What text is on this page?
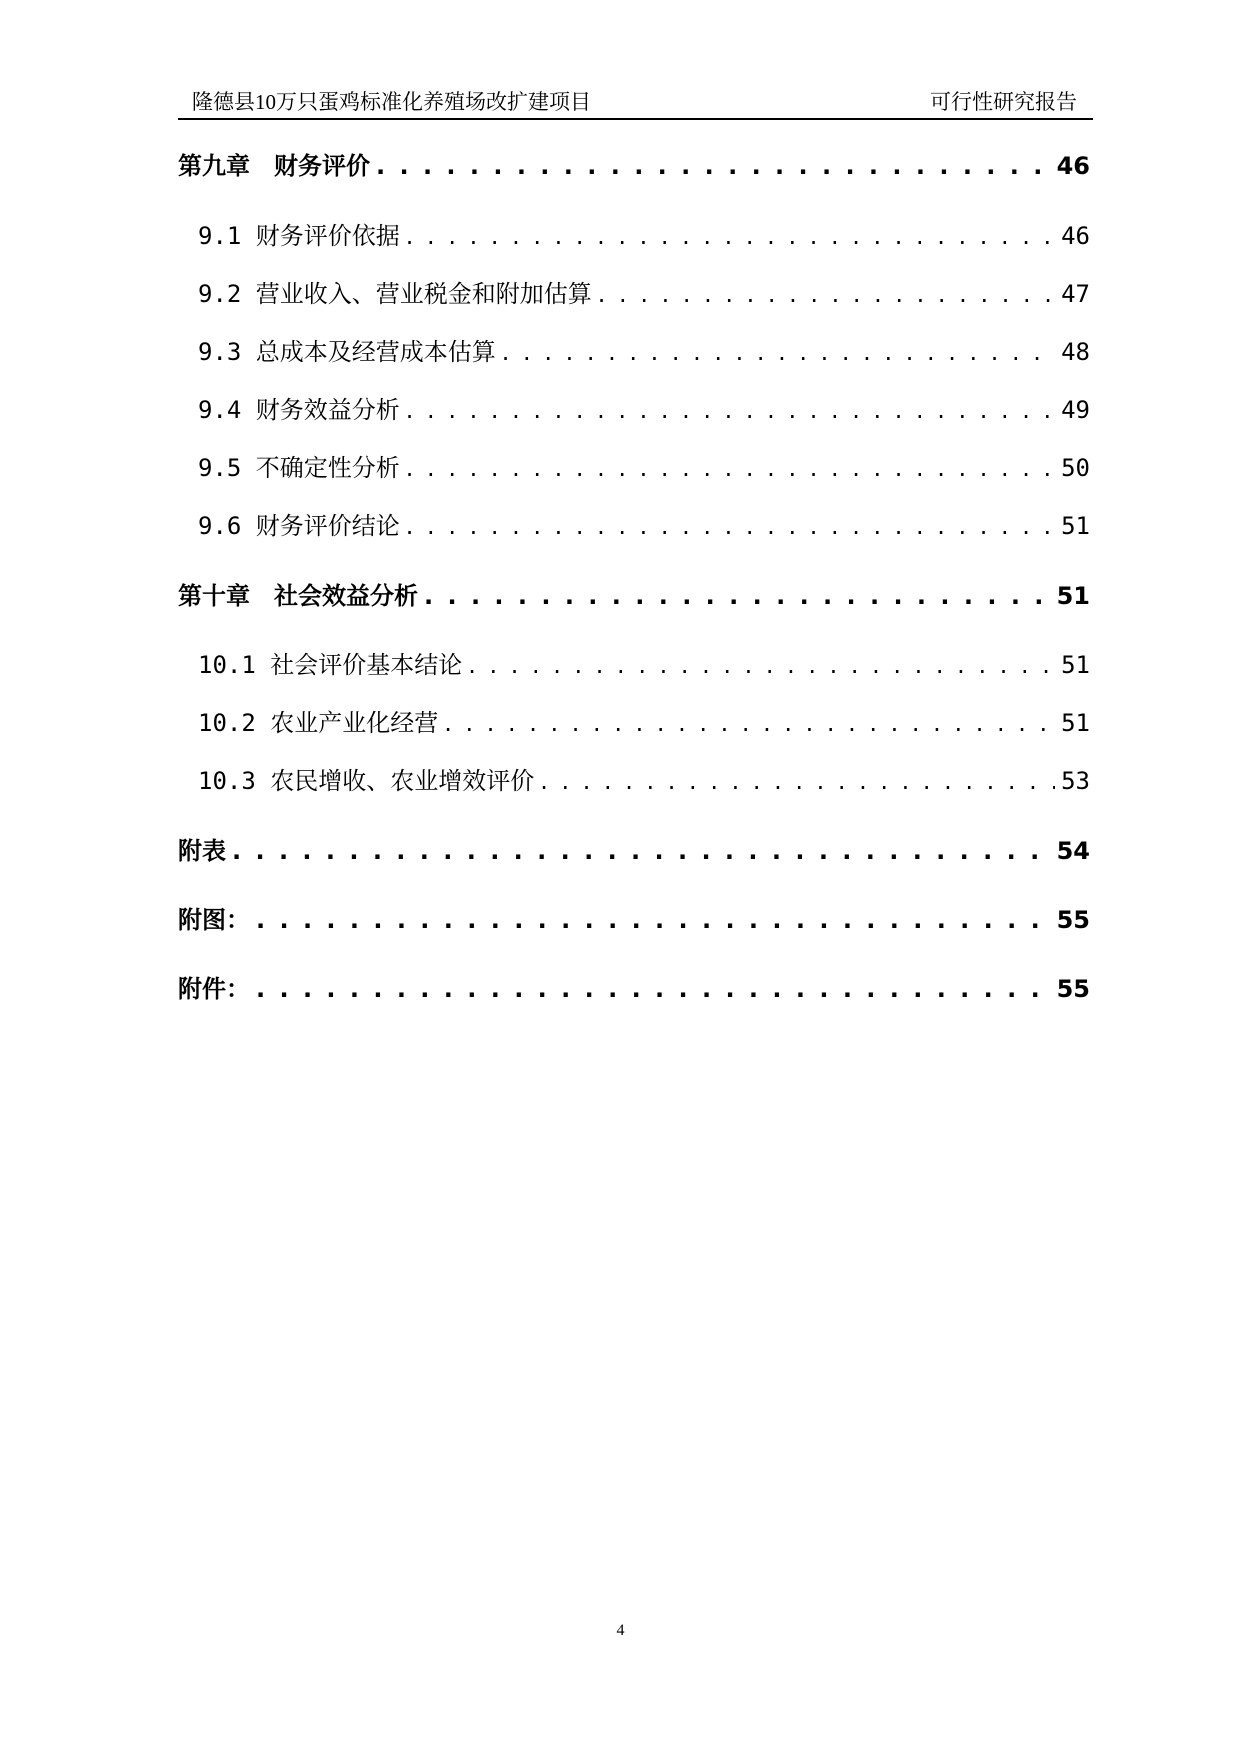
隆德县10万只蛋鸡标准化养殖场改扩建项目	可行性研究报告
第九章　财务评价 . . .	46
9.1 财务评价依据 . . .	46
9.2 营业收入、营业税金和附加估算 . . .	47
9.3 总成本及经营成本估算 . . .	48
9.4 财务效益分析 . . .	49
9.5 不确定性分析 . . .	50
9.6 财务评价结论 . . .	51
第十章　社会效益分析 . . .	51
10.1 社会评价基本结论 . . .	51
10.2 农业产业化经营 . . .	51
10.3 农民增收、农业增效评价 . . .	53
附表 . . .	54
附图： . . .	55
附件： . . .	55
4
